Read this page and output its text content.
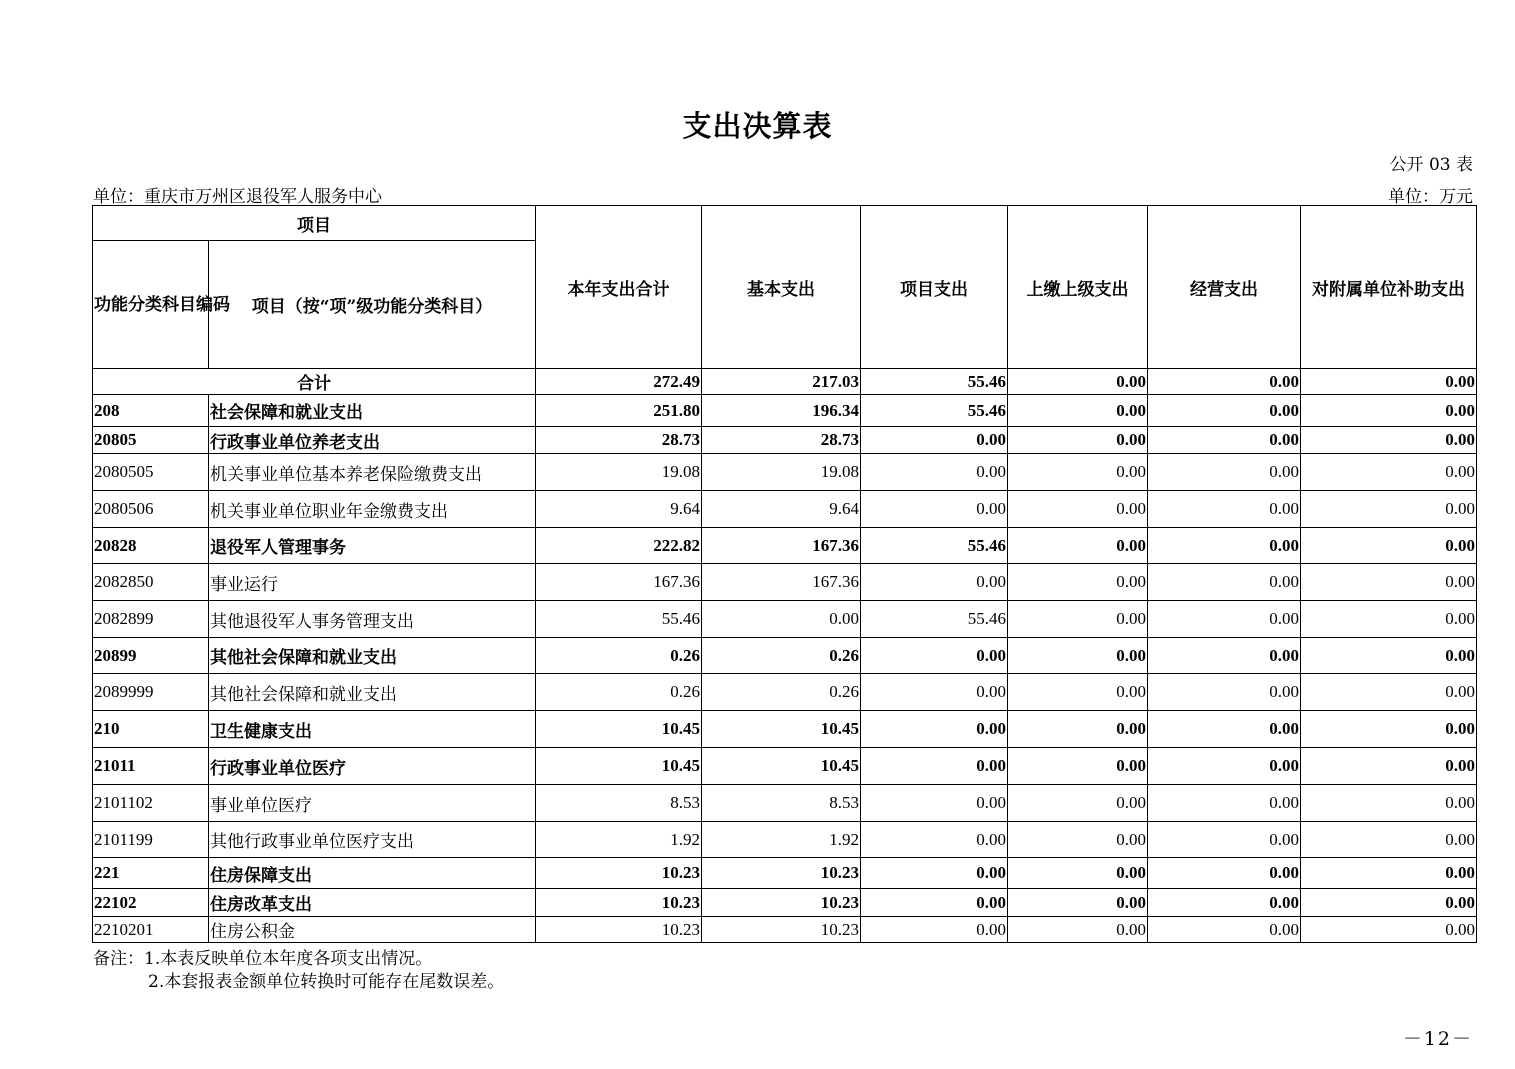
支出决算表
公开 03 表
单位：重庆市万州区退役军人服务中心	单位：万元
项目		本年支出合计	基本支出	项目支出	上缴上级支出	经营支出	对附属单位补助支出
功能分类科目编码	项目（按“项”级功能分类科目）						
合计		272.49	217.03	55.46	0.00	0.00	0.00
208	社会保障和就业支出	251.80	196.34	55.46	0.00	0.00	0.00
20805	行政事业单位养老支出	28.73	28.73	0.00	0.00	0.00	0.00
2080505	机关事业单位基本养老保险缴费支出	19.08	19.08	0.00	0.00	0.00	0.00
2080506	机关事业单位职业年金缴费支出	9.64	9.64	0.00	0.00	0.00	0.00
20828	退役军人管理事务	222.82	167.36	55.46	0.00	0.00	0.00
2082850	事业运行	167.36	167.36	0.00	0.00	0.00	0.00
2082899	其他退役军人事务管理支出	55.46	0.00	55.46	0.00	0.00	0.00
20899	其他社会保障和就业支出	0.26	0.26	0.00	0.00	0.00	0.00
2089999	其他社会保障和就业支出	0.26	0.26	0.00	0.00	0.00	0.00
210	卫生健康支出	10.45	10.45	0.00	0.00	0.00	0.00
21011	行政事业单位医疗	10.45	10.45	0.00	0.00	0.00	0.00
2101102	事业单位医疗	8.53	8.53	0.00	0.00	0.00	0.00
2101199	其他行政事业单位医疗支出	1.92	1.92	0.00	0.00	0.00	0.00
221	住房保障支出	10.23	10.23	0.00	0.00	0.00	0.00
22102	住房改革支出	10.23	10.23	0.00	0.00	0.00	0.00
2210201	住房公积金	10.23	10.23	0.00	0.00	0.00	0.00
备注：1.本表反映单位本年度各项支出情况。
2.本套报表金额单位转换时可能存在尾数误差。
－12－
